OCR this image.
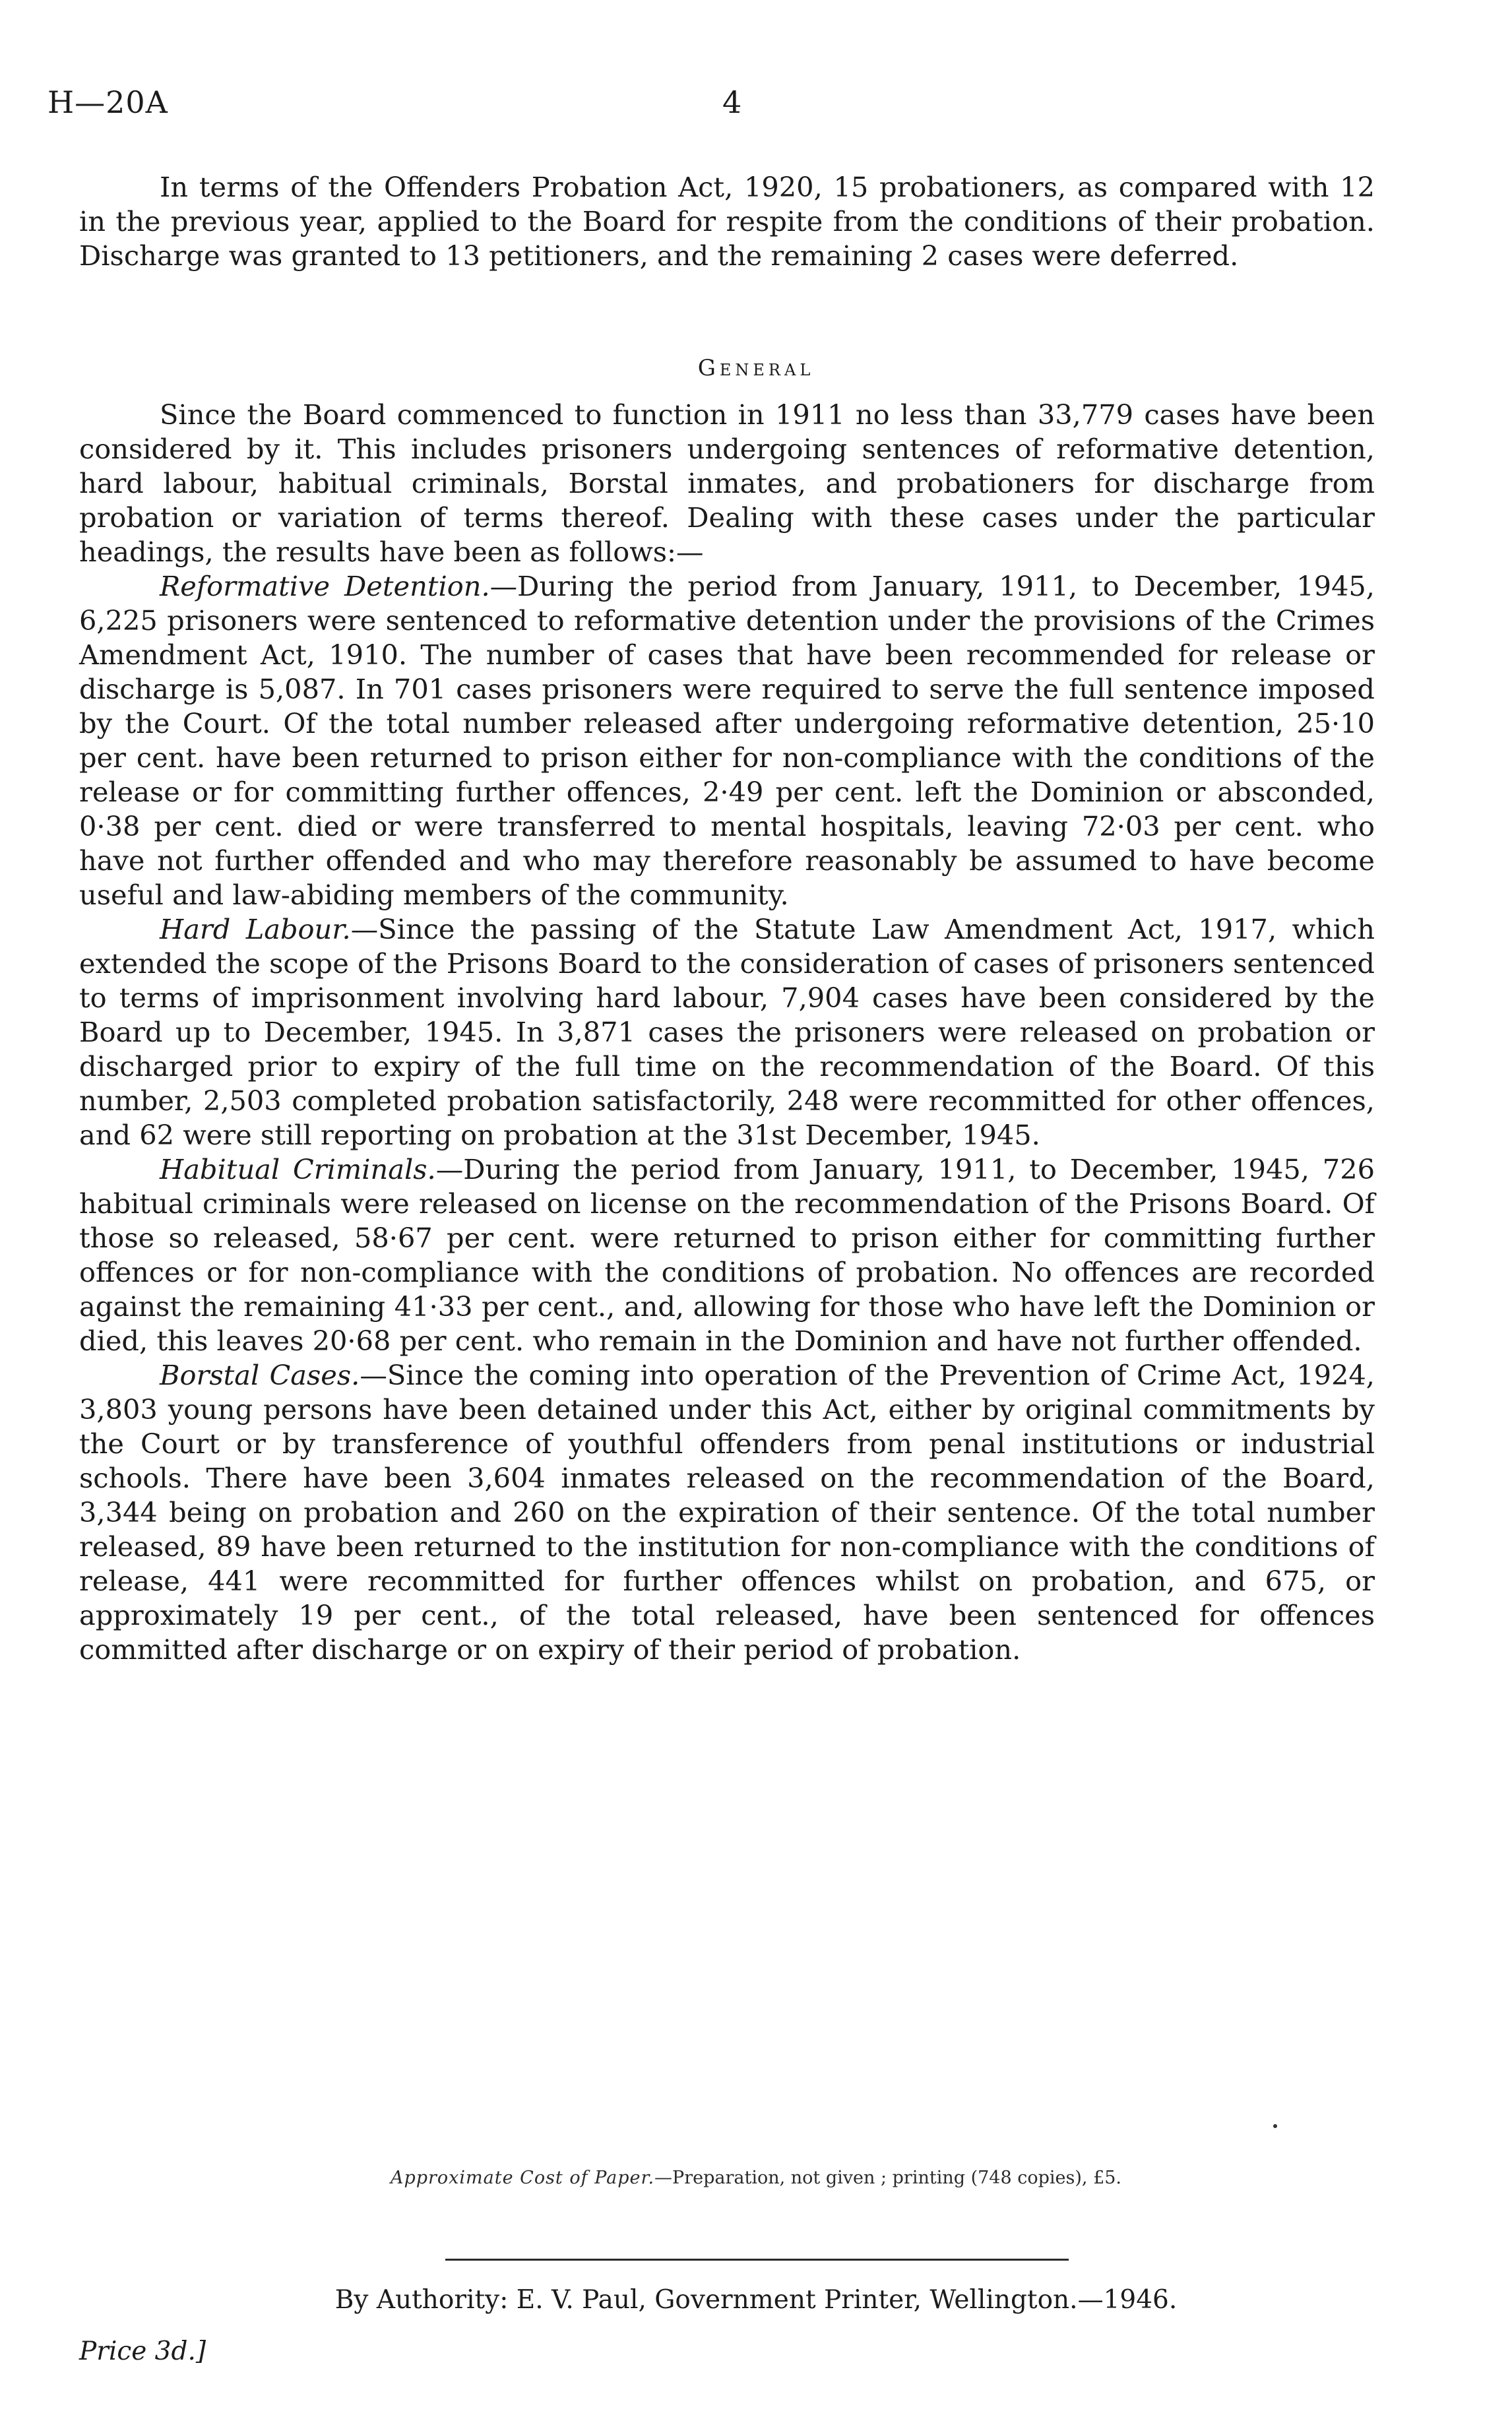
H—20A	4

In terms of the Offenders Probation Act, 1920, 15 probationers, as compared with 12 in the previous year, applied to the Board for respite from the conditions of their probation. Discharge was granted to 13 petitioners, and the remaining 2 cases were deferred.

General

Since the Board commenced to function in 1911 no less than 33,779 cases have been considered by it. This includes prisoners undergoing sentences of reformative detention, hard labour, habitual criminals, Borstal inmates, and probationers for discharge from probation or variation of terms thereof. Dealing with these cases under the particular headings, the results have been as follows:—

Reformative Detention.—During the period from January, 1911, to December, 1945, 6,225 prisoners were sentenced to reformative detention under the provisions of the Crimes Amendment Act, 1910. The number of cases that have been recommended for release or discharge is 5,087. In 701 cases prisoners were required to serve the full sentence imposed by the Court. Of the total number released after undergoing reformative detention, 25·10 per cent. have been returned to prison either for non-compliance with the conditions of the release or for committing further offences, 2·49 per cent. left the Dominion or absconded, 0·38 per cent. died or were transferred to mental hospitals, leaving 72·03 per cent. who have not further offended and who may therefore reasonably be assumed to have become useful and law-abiding members of the community.

Hard Labour.—Since the passing of the Statute Law Amendment Act, 1917, which extended the scope of the Prisons Board to the consideration of cases of prisoners sentenced to terms of imprisonment involving hard labour, 7,904 cases have been considered by the Board up to December, 1945. In 3,871 cases the prisoners were released on probation or discharged prior to expiry of the full time on the recommendation of the Board. Of this number, 2,503 completed probation satisfactorily, 248 were recommitted for other offences, and 62 were still reporting on probation at the 31st December, 1945.

Habitual Criminals.—During the period from January, 1911, to December, 1945, 726 habitual criminals were released on license on the recommendation of the Prisons Board. Of those so released, 58·67 per cent. were returned to prison either for committing further offences or for non-compliance with the conditions of probation. No offences are recorded against the remaining 41·33 per cent., and, allowing for those who have left the Dominion or died, this leaves 20·68 per cent. who remain in the Dominion and have not further offended.

Borstal Cases.—Since the coming into operation of the Prevention of Crime Act, 1924, 3,803 young persons have been detained under this Act, either by original commitments by the Court or by transference of youthful offenders from penal institutions or industrial schools. There have been 3,604 inmates released on the recommendation of the Board, 3,344 being on probation and 260 on the expiration of their sentence. Of the total number released, 89 have been returned to the institution for non-compliance with the conditions of release, 441 were recommitted for further offences whilst on probation, and 675, or approximately 19 per cent., of the total released, have been sentenced for offences committed after discharge or on expiry of their period of probation.

Approximate Cost of Paper.—Preparation, not given ; printing (748 copies), £5.
By Authority: E. V. Paul, Government Printer, Wellington.—1946.
Price 3d.]
